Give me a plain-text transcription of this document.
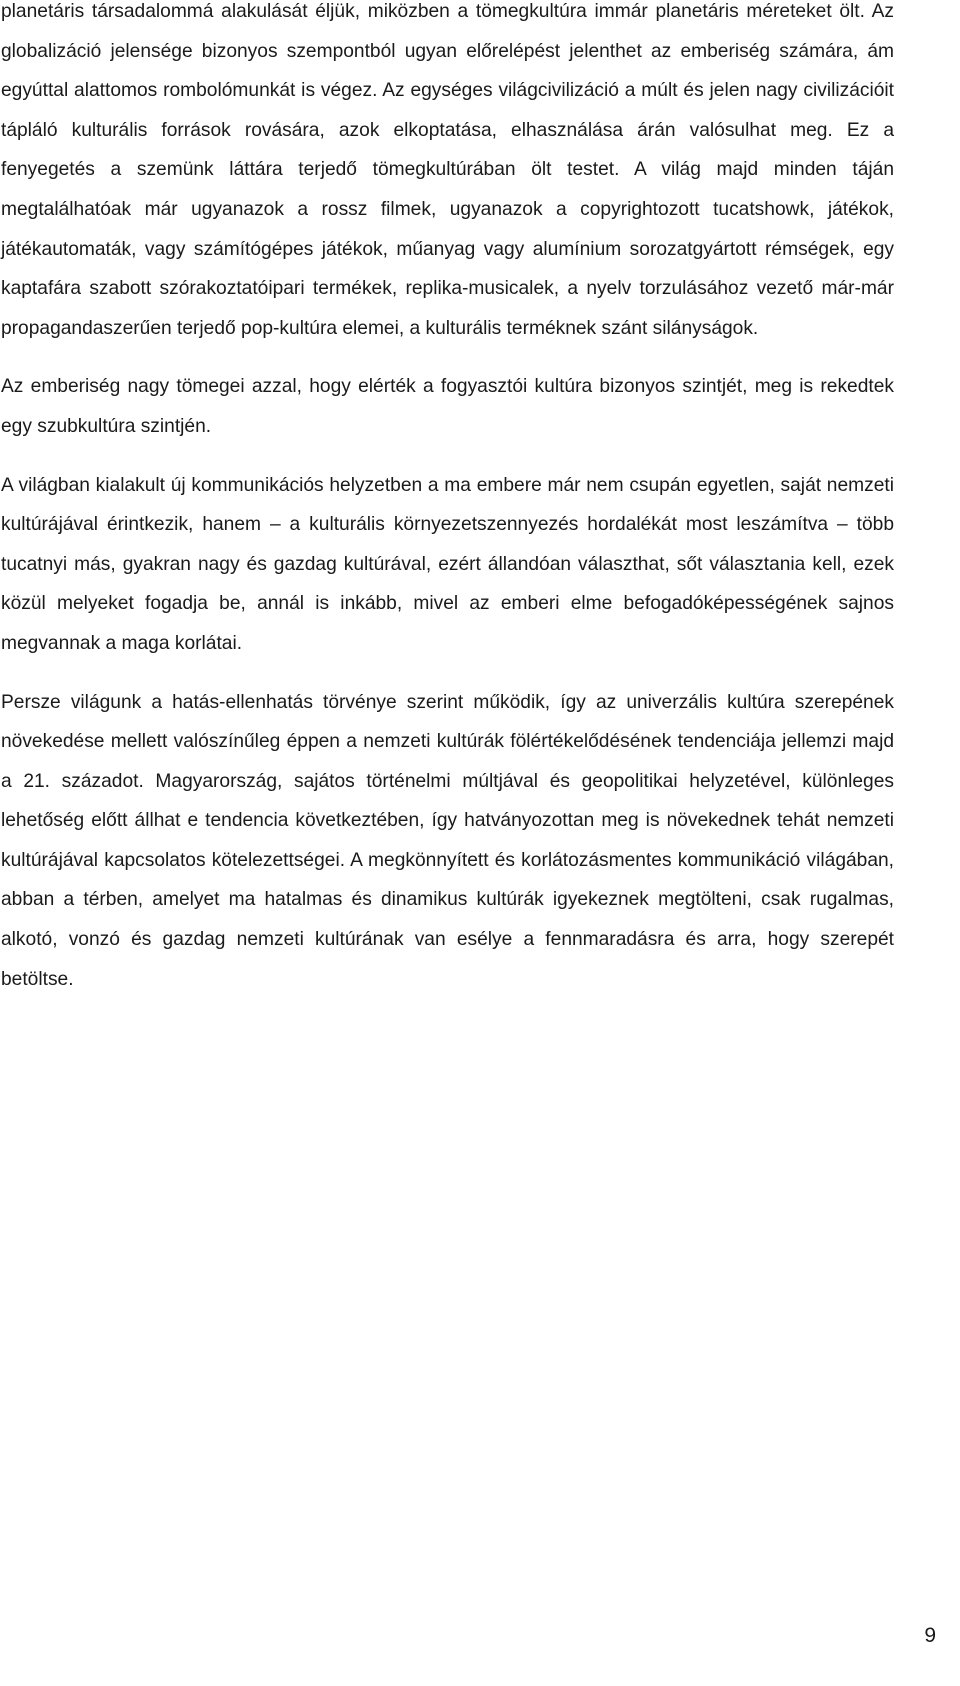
planetáris társadalommá alakulását éljük, miközben a tömegkultúra immár planetáris méreteket ölt. Az globalizáció jelensége bizonyos szempontból ugyan előrelépést jelenthet az emberiség számára, ám egyúttal alattomos rombolómunkát is végez. Az egységes világcivilizáció a múlt és jelen nagy civilizációit tápláló kulturális források rovására, azok elkoptatása, elhasználása árán valósulhat meg. Ez a fenyegetés a szemünk láttára terjedő tömegkultúrában ölt testet. A világ majd minden táján megtalálhatóak már ugyanazok a rossz filmek, ugyanazok a copyrightozott tucatshowk, játékok, játékautomaták, vagy számítógépes játékok, műanyag vagy alumínium sorozatgyártott rémségek, egy kaptafára szabott szórakoztatóipari termékek, replika-musicalek, a nyelv torzulásához vezető már-már propagandaszerűen terjedő pop-kultúra elemei, a kulturális terméknek szánt silányságok.

Az emberiség nagy tömegei azzal, hogy elérték a fogyasztói kultúra bizonyos szintjét, meg is rekedtek egy szubkultúra szintjén.

A világban kialakult új kommunikációs helyzetben a ma embere már nem csupán egyetlen, saját nemzeti kultúrájával érintkezik, hanem – a kulturális környezetszennyezés hordalékát most leszámítva – több tucatnyi más, gyakran nagy és gazdag kultúrával, ezért állandóan választhat, sőt választania kell, ezek közül melyeket fogadja be, annál is inkább, mivel az emberi elme befogadóképességének sajnos megvannak a maga korlátai.

Persze világunk a hatás-ellenhatás törvénye szerint működik, így az univerzális kultúra szerepének növekedése mellett valószínűleg éppen a nemzeti kultúrák fölértékelődésének tendenciája jellemzi majd a 21. századot. Magyarország, sajátos történelmi múltjával és geopolitikai helyzetével, különleges lehetőség előtt állhat e tendencia következtében, így hatványozottan meg is növekednek tehát nemzeti kultúrájával kapcsolatos kötelezettségei. A megkönnyített és korlátozásmentes kommunikáció világában, abban a térben, amelyet ma hatalmas és dinamikus kultúrák igyekeznek megtölteni, csak rugalmas, alkotó, vonzó és gazdag nemzeti kultúrának van esélye a fennmaradásra és arra, hogy szerepét betöltse.

9
